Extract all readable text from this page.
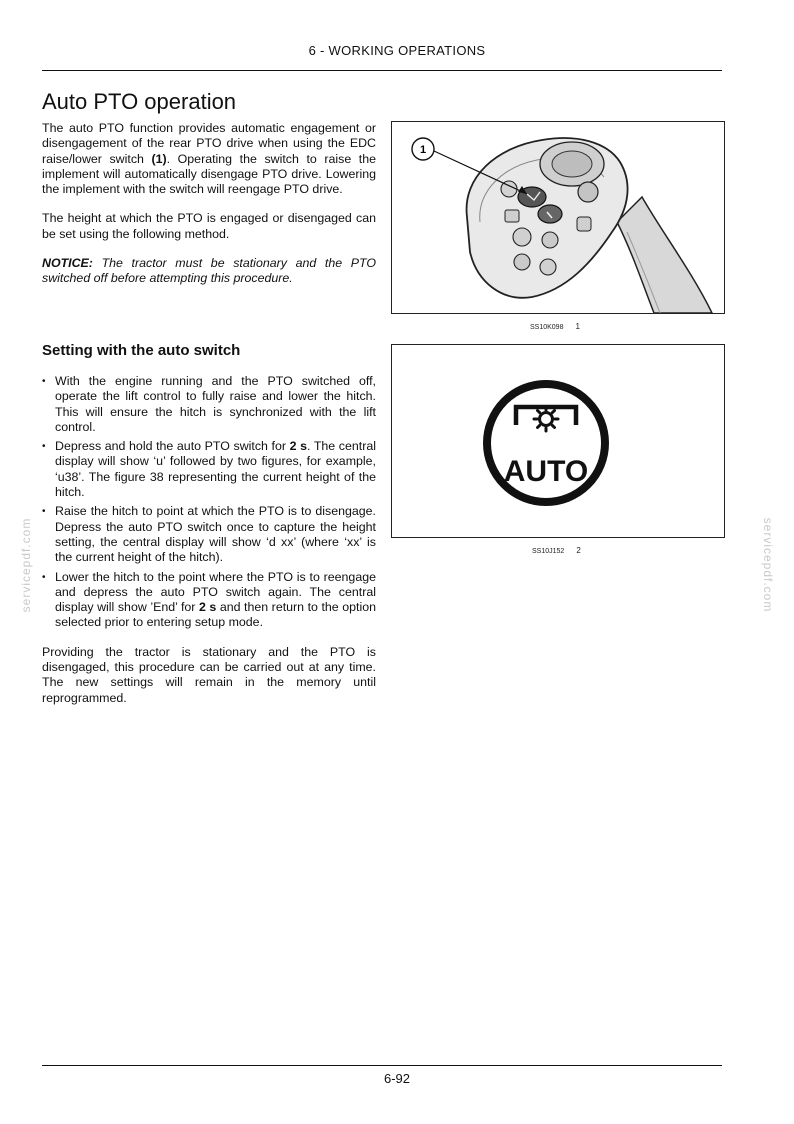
6 - WORKING OPERATIONS
Auto PTO operation

The auto PTO function provides automatic engagement or disengagement of the rear PTO drive when using the EDC raise/lower switch (1). Operating the switch to raise the implement will automatically disengage PTO drive. Lowering the implement with the switch will reengage PTO drive.

The height at which the PTO is engaged or disengaged can be set using the following method.

NOTICE: The tractor must be stationary and the PTO switched off before attempting this procedure.

1
SS10K098 1
Setting with the auto switch
• With the engine running and the PTO switched off, operate the lift control to fully raise and lower the hitch. This will ensure the hitch is synchronized with the lift control.
• Depress and hold the auto PTO switch for 2 s. The central display will show ‘u’ followed by two figures, for example, ‘u38’. The figure 38 representing the current height of the hitch.
• Raise the hitch to point at which the PTO is to disengage. Depress the auto PTO switch once to capture the height setting, the central display will show ‘d xx’ (where ‘xx’ is the current height of the hitch).
• Lower the hitch to the point where the PTO is to reengage and depress the auto PTO switch again. The central display will show ’End’ for 2 s and then return to the option selected prior to entering setup mode.

Providing the tractor is stationary and the PTO is disengaged, this procedure can be carried out at any time. The new settings will remain in the memory until reprogrammed.

AUTO
SS10J152 2
servicepdf.com	servicepdf.com
6-92
